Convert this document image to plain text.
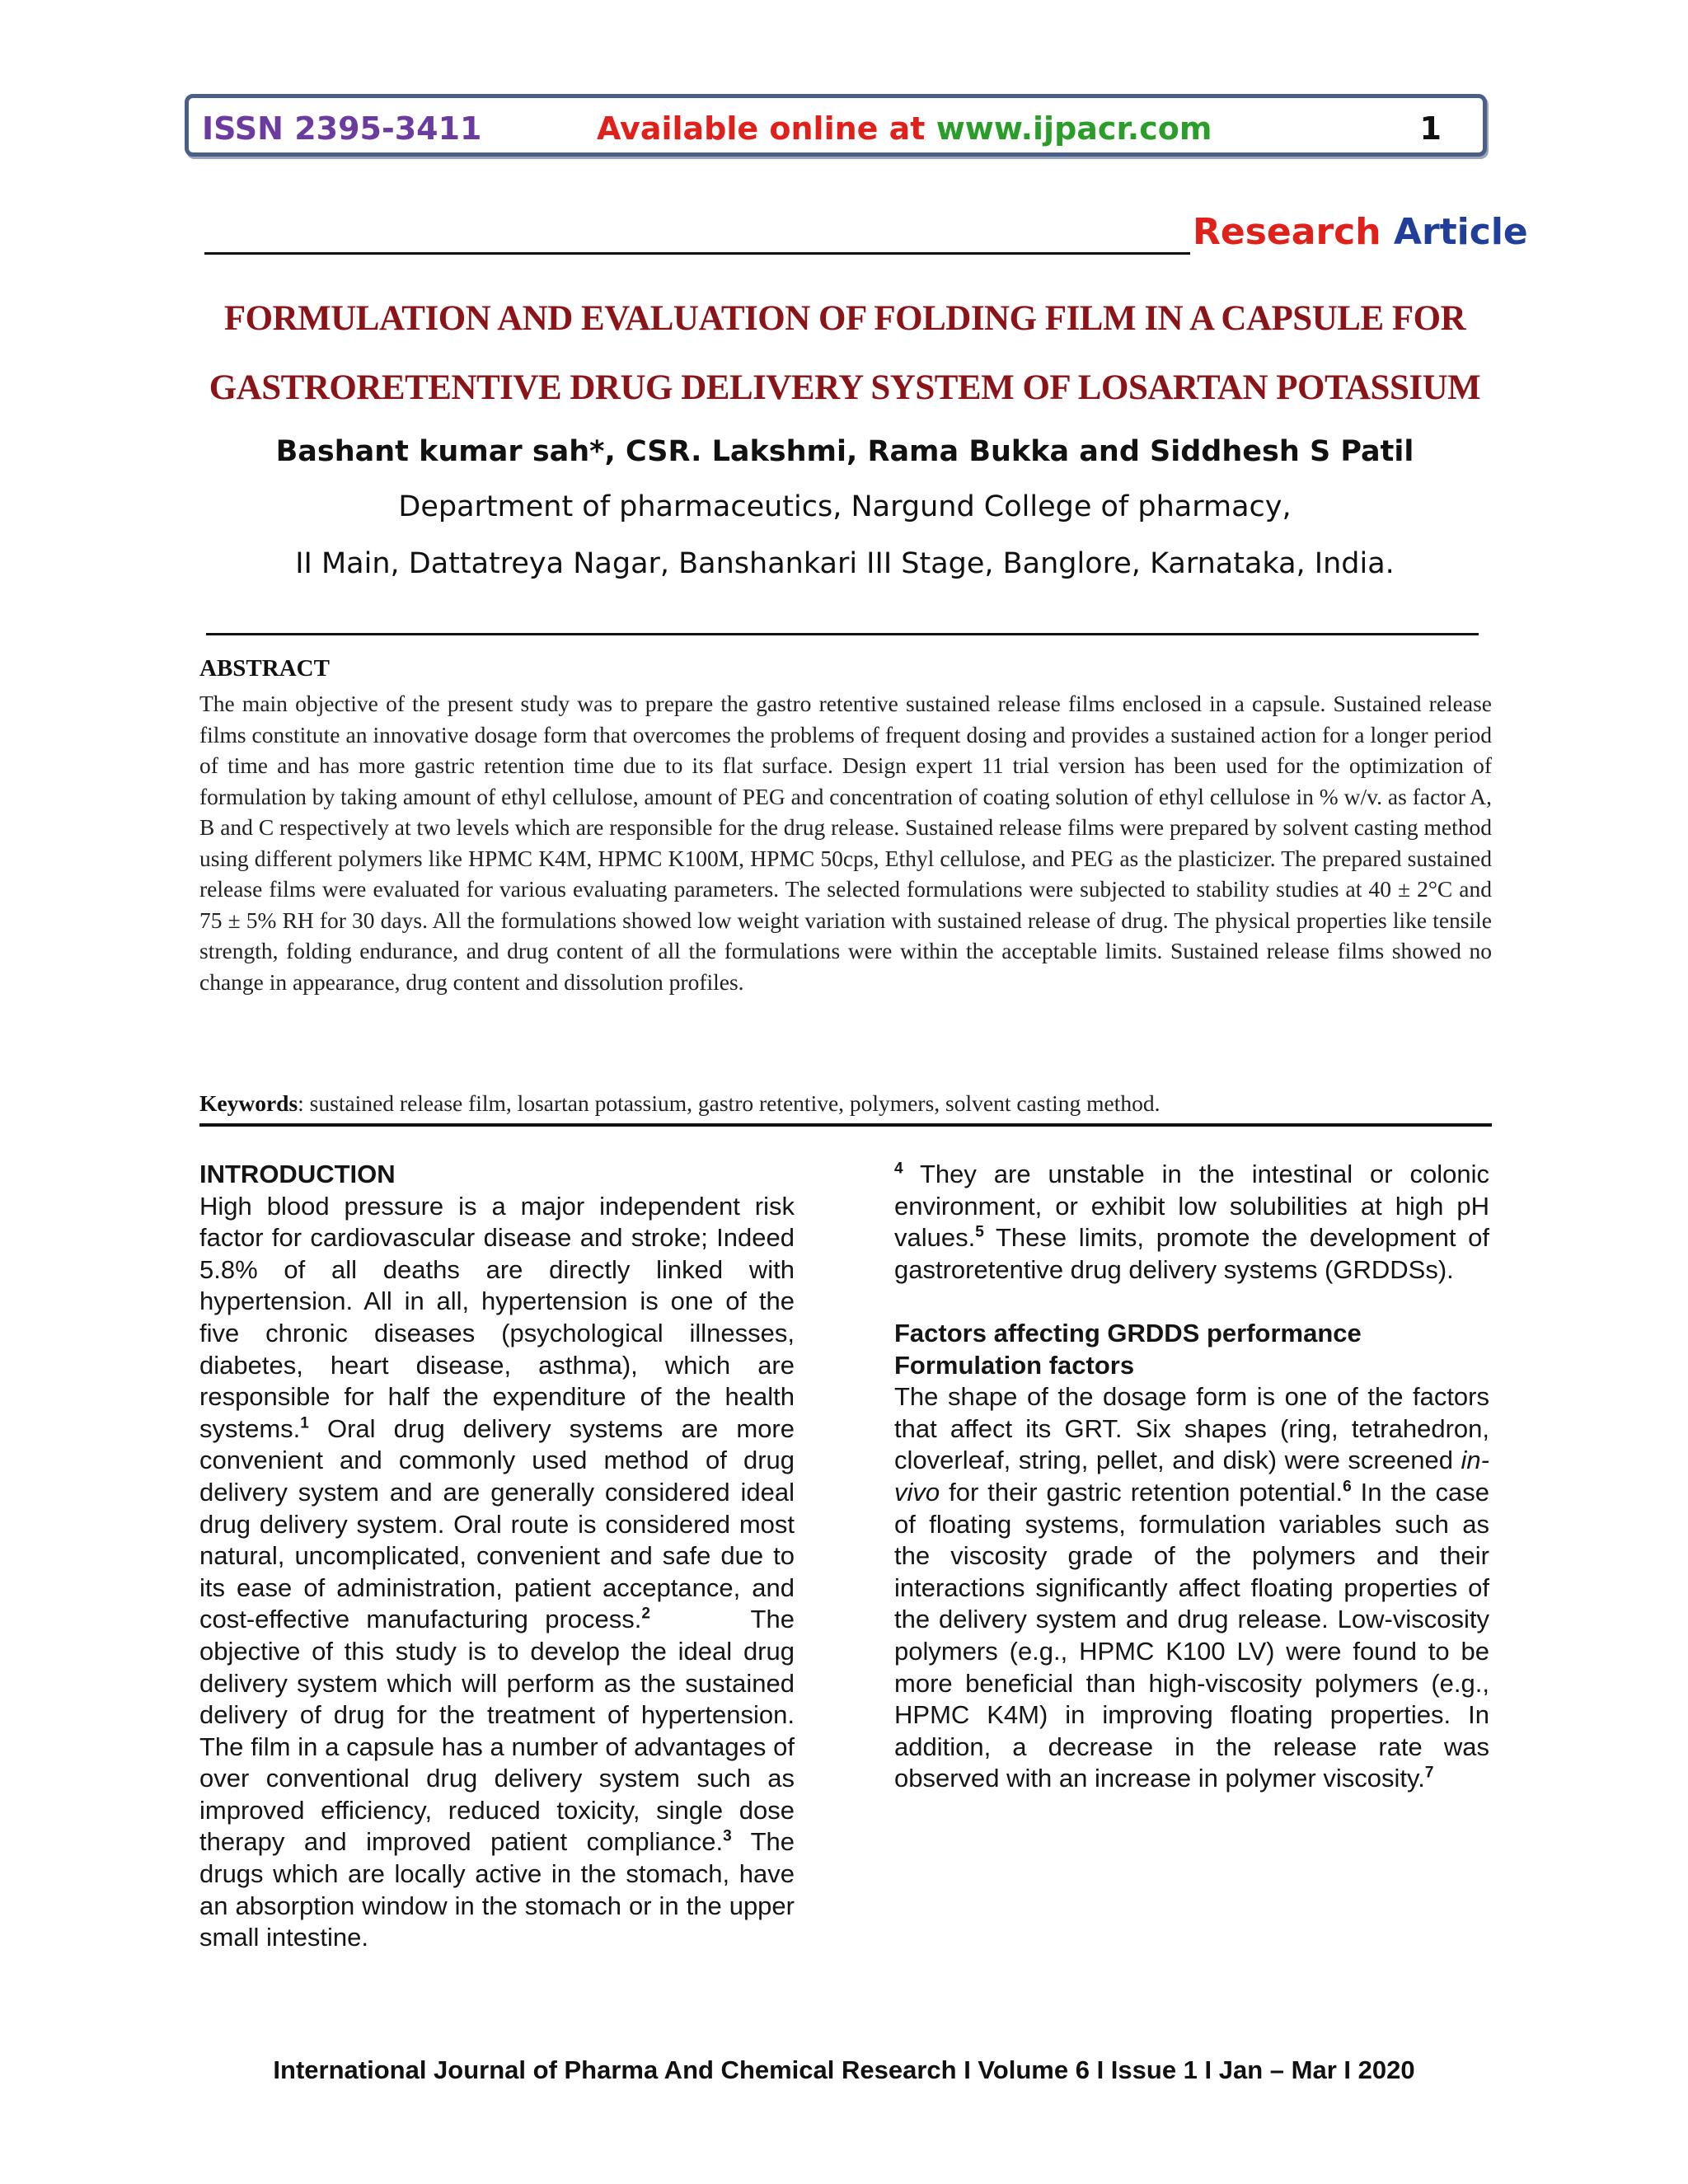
ISSN 2395-3411	Available online at www.ijpacr.com	1
Research Article
FORMULATION AND EVALUATION OF FOLDING FILM IN A CAPSULE FOR
GASTRORETENTIVE DRUG DELIVERY SYSTEM OF LOSARTAN POTASSIUM
Bashant kumar sah*, CSR. Lakshmi, Rama Bukka and Siddhesh S Patil
Department of pharmaceutics, Nargund College of pharmacy,
II Main, Dattatreya Nagar, Banshankari III Stage, Banglore, Karnataka, India.
ABSTRACT
The main objective of the present study was to prepare the gastro retentive sustained release films enclosed in a capsule. Sustained release films constitute an innovative dosage form that overcomes the problems of frequent dosing and provides a sustained action for a longer period of time and has more gastric retention time due to its flat surface. Design expert 11 trial version has been used for the optimization of formulation by taking amount of ethyl cellulose, amount of PEG and concentration of coating solution of ethyl cellulose in % w/v. as factor A, B and C respectively at two levels which are responsible for the drug release. Sustained release films were prepared by solvent casting method using different polymers like HPMC K4M, HPMC K100M, HPMC 50cps, Ethyl cellulose, and PEG as the plasticizer. The prepared sustained release films were evaluated for various evaluating parameters. The selected formulations were subjected to stability studies at 40 ± 2°C and 75 ± 5% RH for 30 days. All the formulations showed low weight variation with sustained release of drug. The physical properties like tensile strength, folding endurance, and drug content of all the formulations were within the acceptable limits. Sustained release films showed no change in appearance, drug content and dissolution profiles.
Keywords: sustained release film, losartan potassium, gastro retentive, polymers, solvent casting method.
INTRODUCTION

High blood pressure is a major independent risk factor for cardiovascular disease and stroke; Indeed 5.8% of all deaths are directly linked with hypertension. All in all, hypertension is one of the five chronic diseases (psychological illnesses, diabetes, heart disease, asthma), which are responsible for half the expenditure of the health systems.$^1$ Oral drug delivery systems are more convenient and commonly used method of drug delivery system and are generally considered ideal drug delivery system. Oral route is considered most natural, uncomplicated, convenient and safe due to its ease of administration, patient acceptance, and cost-effective manufacturing process.$^2$      The objective of this study is to develop the ideal drug delivery system which will perform as the sustained delivery of drug for the treatment of hypertension. The film in a capsule has a number of advantages of over conventional drug delivery system such as improved efficiency, reduced toxicity, single dose therapy and improved patient compliance.$^3$ The drugs which are locally active in the stomach, have an absorption window in the stomach or in the upper small intestine.

$^4$ They are unstable in the intestinal or colonic environment, or exhibit low solubilities at high pH values.$^5$ These limits, promote the development of gastroretentive drug delivery systems (GRDDSs).

Factors affecting GRDDS performance
Formulation factors

The shape of the dosage form is one of the factors that affect its GRT. Six shapes (ring, tetrahedron, cloverleaf, string, pellet, and disk) were screened in-vivo for their gastric retention potential.$^6$ In the case of floating systems, formulation variables such as the viscosity grade of the polymers and their interactions significantly affect floating properties of the delivery system and drug release. Low-viscosity polymers (e.g., HPMC K100 LV) were found to be more beneficial than high-viscosity polymers (e.g., HPMC K4M) in improving floating properties. In addition, a decrease in the release rate was observed with an increase in polymer viscosity.$^7$

International Journal of Pharma And Chemical Research I Volume 6 I Issue 1 I Jan – Mar I 2020
